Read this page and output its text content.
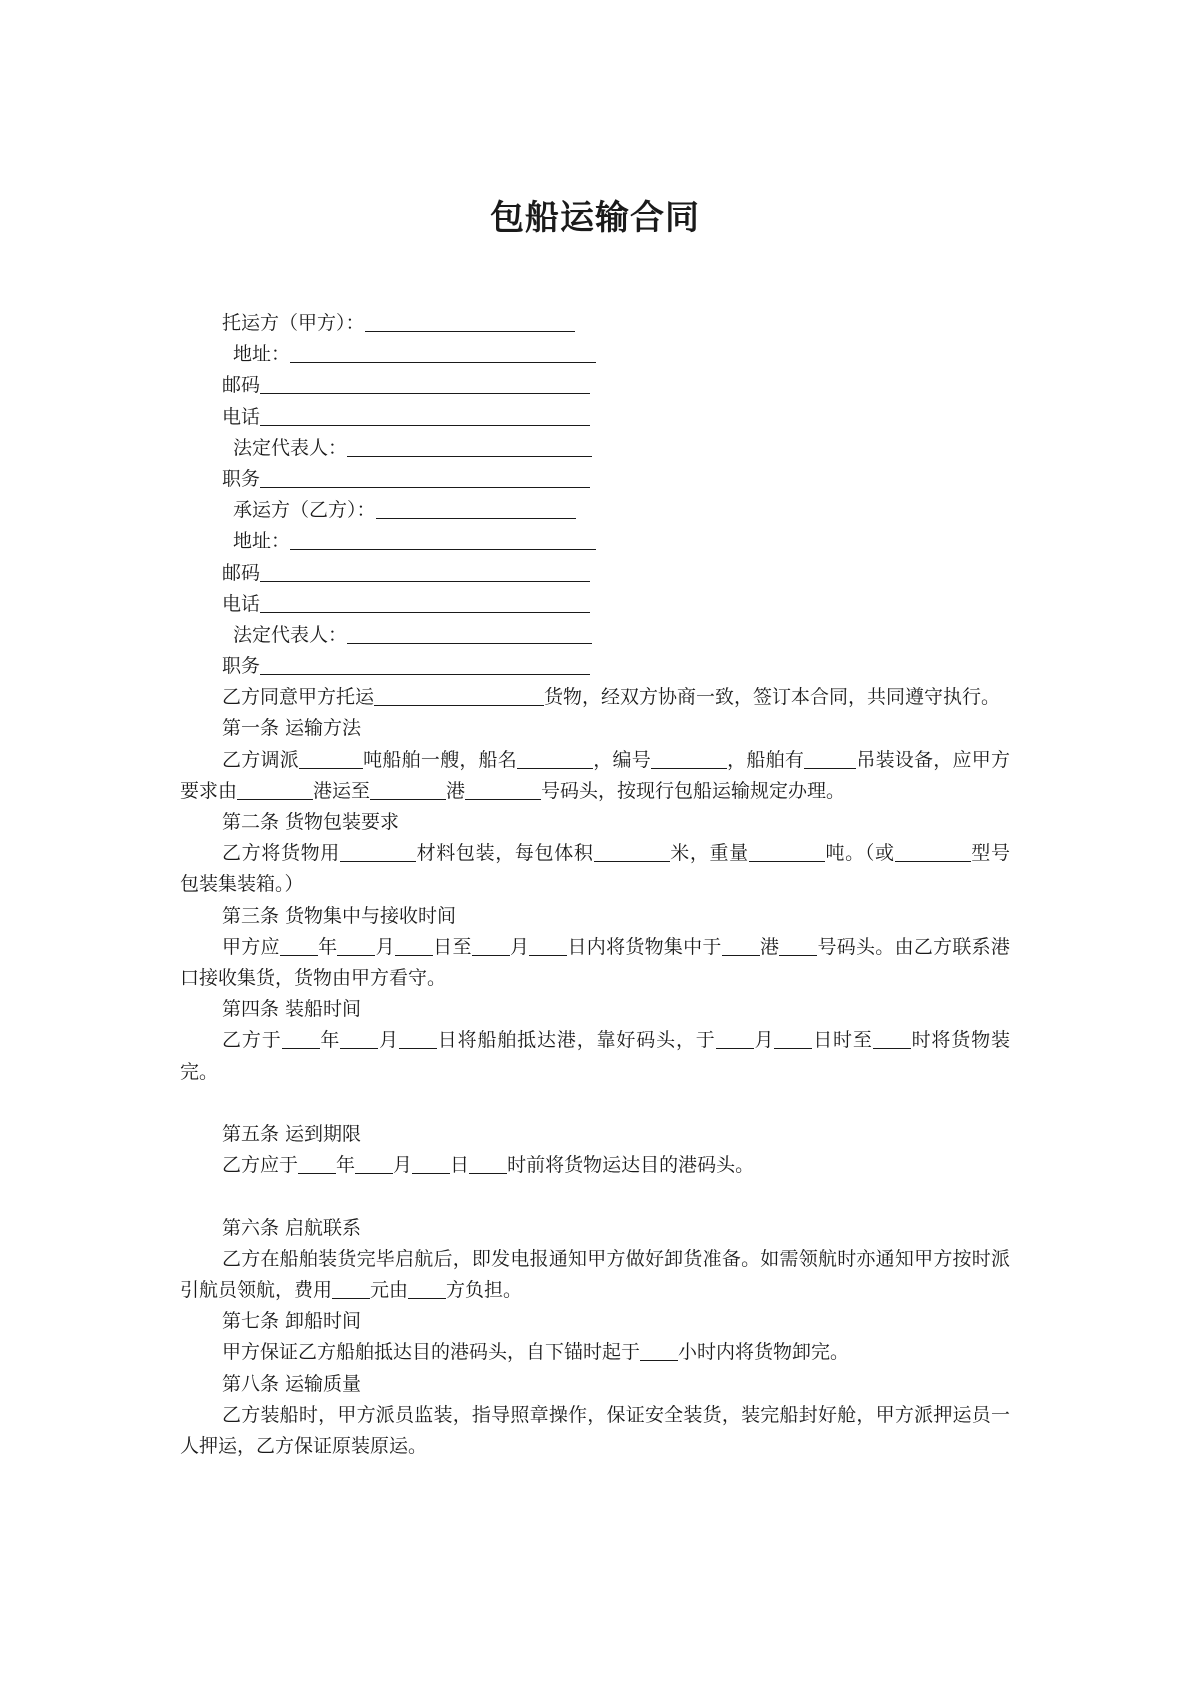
包船运输合同
托运方（甲方）：
地址：
邮码
电话
法定代表人：
职务
承运方（乙方）：
地址：
邮码
电话
法定代表人：
职务
乙方同意甲方托运	货物，经双方协商一致，签订本合同，共同遵守执行。
第一条 运输方法
乙方调派	吨船舶一艘，船名	，编号	，船舶有	吊装设备，应甲方要求由	港运至	港	号码头，按现行包船运输规定办理。
第二条 货物包装要求
乙方将货物用	材料包装，每包体积	米，重量	吨。（或	型号包装集装箱。）
第三条 货物集中与接收时间
甲方应 年 月 日至 月 日内将货物集中于 港 号码头。由乙方联系港口接收集货，货物由甲方看守。
第四条 装船时间
乙方于 年 月 日将船舶抵达港，靠好码头，于 月 日时至 时将货物装完。
第五条 运到期限
乙方应于 年 月 日 时前将货物运达目的港码头。
第六条 启航联系
乙方在船舶装货完毕启航后，即发电报通知甲方做好卸货准备。如需领航时亦通知甲方按时派引航员领航，费用 元由 方负担。
第七条 卸船时间
甲方保证乙方船舶抵达目的港码头，自下锚时起于 小时内将货物卸完。
第八条 运输质量
乙方装船时，甲方派员监装，指导照章操作，保证安全装货，装完船封好舱，甲方派押运员一人押运，乙方保证原装原运。
